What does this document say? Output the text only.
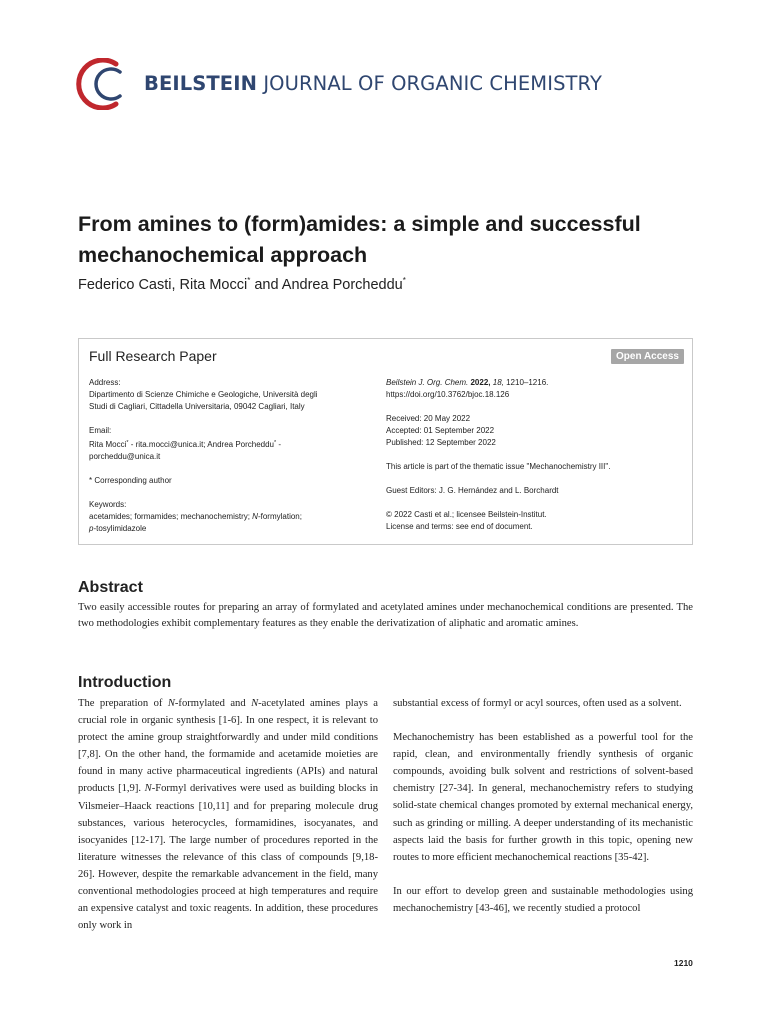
BEILSTEIN JOURNAL OF ORGANIC CHEMISTRY
From amines to (form)amides: a simple and successful
mechanochemical approach
Federico Casti, Rita Mocci* and Andrea Porcheddu*
Full Research Paper	Open Access
Address:
Dipartimento di Scienze Chimiche e Geologiche, Università degli
Studi di Cagliari, Cittadella Universitaria, 09042 Cagliari, Italy
Email:
Rita Mocci* - rita.mocci@unica.it; Andrea Porcheddu* -
porcheddu@unica.it
* Corresponding author
Keywords:
acetamides; formamides; mechanochemistry; N-formylation;
p-tosylimidazole
Beilstein J. Org. Chem. 2022, 18, 1210–1216.
https://doi.org/10.3762/bjoc.18.126
Received: 20 May 2022
Accepted: 01 September 2022
Published: 12 September 2022
This article is part of the thematic issue "Mechanochemistry III".
Guest Editors: J. G. Hernández and L. Borchardt
© 2022 Casti et al.; licensee Beilstein-Institut.
License and terms: see end of document.
Abstract

Two easily accessible routes for preparing an array of formylated and acetylated amines under mechanochemical conditions are presented. The two methodologies exhibit complementary features as they enable the derivatization of aliphatic and aromatic amines.

Introduction

The preparation of N-formylated and N-acetylated amines plays a crucial role in organic synthesis [1-6]. In one respect, it is relevant to protect the amine group straightforwardly and under mild conditions [7,8]. On the other hand, the formamide and acetamide moieties are found in many active pharmaceutical ingredients (APIs) and natural products [1,9]. N-Formyl derivatives were used as building blocks in Vilsmeier–Haack reactions [10,11] and for preparing molecule drug substances, various heterocycles, formamidines, isocyanates, and isocyanides [12-17]. The large number of procedures reported in the literature witnesses the relevance of this class of compounds [9,18-26]. However, despite the remarkable advancement in the field, many conventional methodologies proceed at high temperatures and require an expensive catalyst and toxic reagents. In addition, these procedures only work in

substantial excess of formyl or acyl sources, often used as a solvent.

Mechanochemistry has been established as a powerful tool for the rapid, clean, and environmentally friendly synthesis of organic compounds, avoiding bulk solvent and restrictions of solvent-based chemistry [27-34]. In general, mechanochemistry refers to studying solid-state chemical changes promoted by external mechanical energy, such as grinding or milling. A deeper understanding of its mechanistic aspects laid the basis for further growth in this topic, opening new routes to more efficient mechanochemical reactions [35-42].

In our effort to develop green and sustainable methodologies using mechanochemistry [43-46], we recently studied a protocol

1210
